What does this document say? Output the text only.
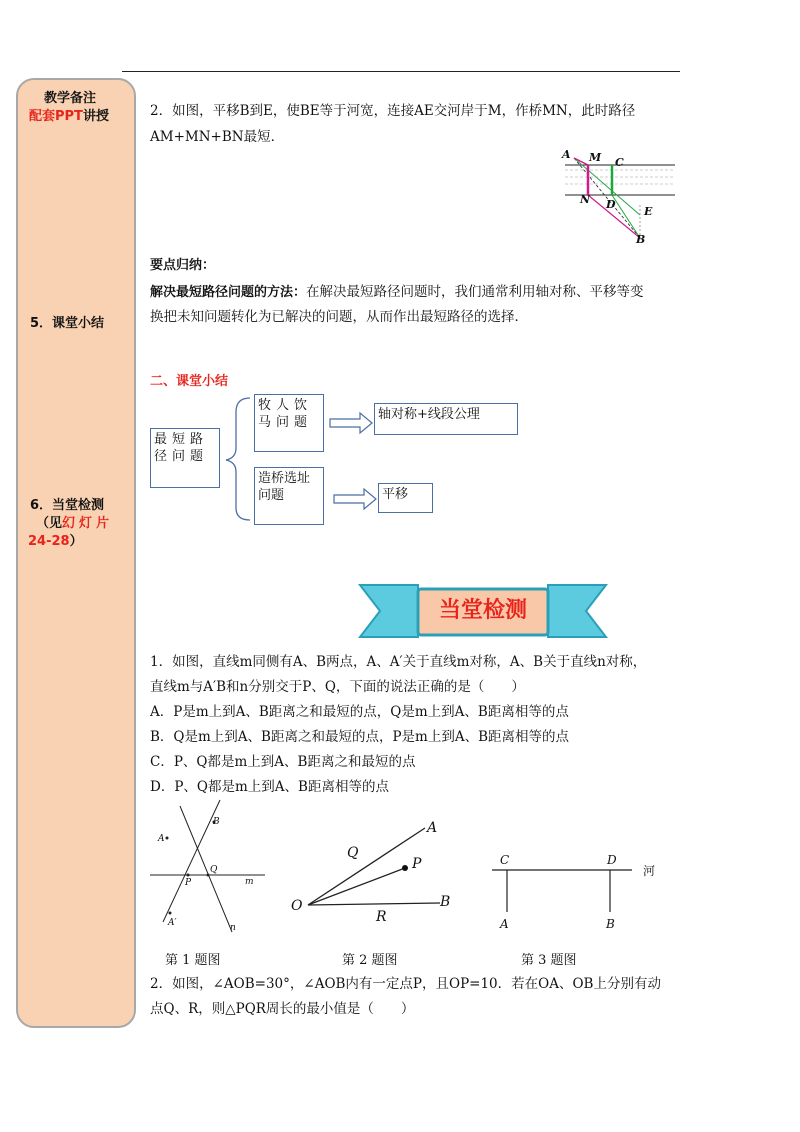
教学备注
配套PPT讲授
5．课堂小结
6．当堂检测
（见幻灯片
24-28）

2．如图，平移B到E，使BE等于河宽，连接AE交河岸于M，作桥MN，此时路径

AM+MN+BN最短．

A M C
N D
E
B

要点归纳：

解决最短路径问题的方法：在解决最短路径问题时，我们通常利用轴对称、平移等变

换把未知问题转化为已解决的问题，从而作出最短路径的选择．

二、课堂小结

最短路径问题
牧人饮马问题
轴对称+线段公理
造桥选址问题	平移
当堂检测

1．如图，直线m同侧有A、B两点，A、A′关于直线m对称，A、B关于直线n对称，

直线m与A′B和n分别交于P、Q，下面的说法正确的是（　　）

A．P是m上到A、B距离之和最短的点，Q是m上到A、B距离相等的点

B．Q是m上到A、B距离之和最短的点，P是m上到A、B距离相等的点

C．P、Q都是m上到A、B距离之和最短的点

D．P、Q都是m上到A、B距离相等的点

A
B
Q
P	m
A′	n
A
Q
P
O
R
B
C	D
河
A	B
第 1 题图	第 2 题图	第 3 题图

2．如图，∠AOB=30°，∠AOB内有一定点P，且OP=10．若在OA、OB上分别有动

点Q、R，则△PQR周长的最小值是（　　）
